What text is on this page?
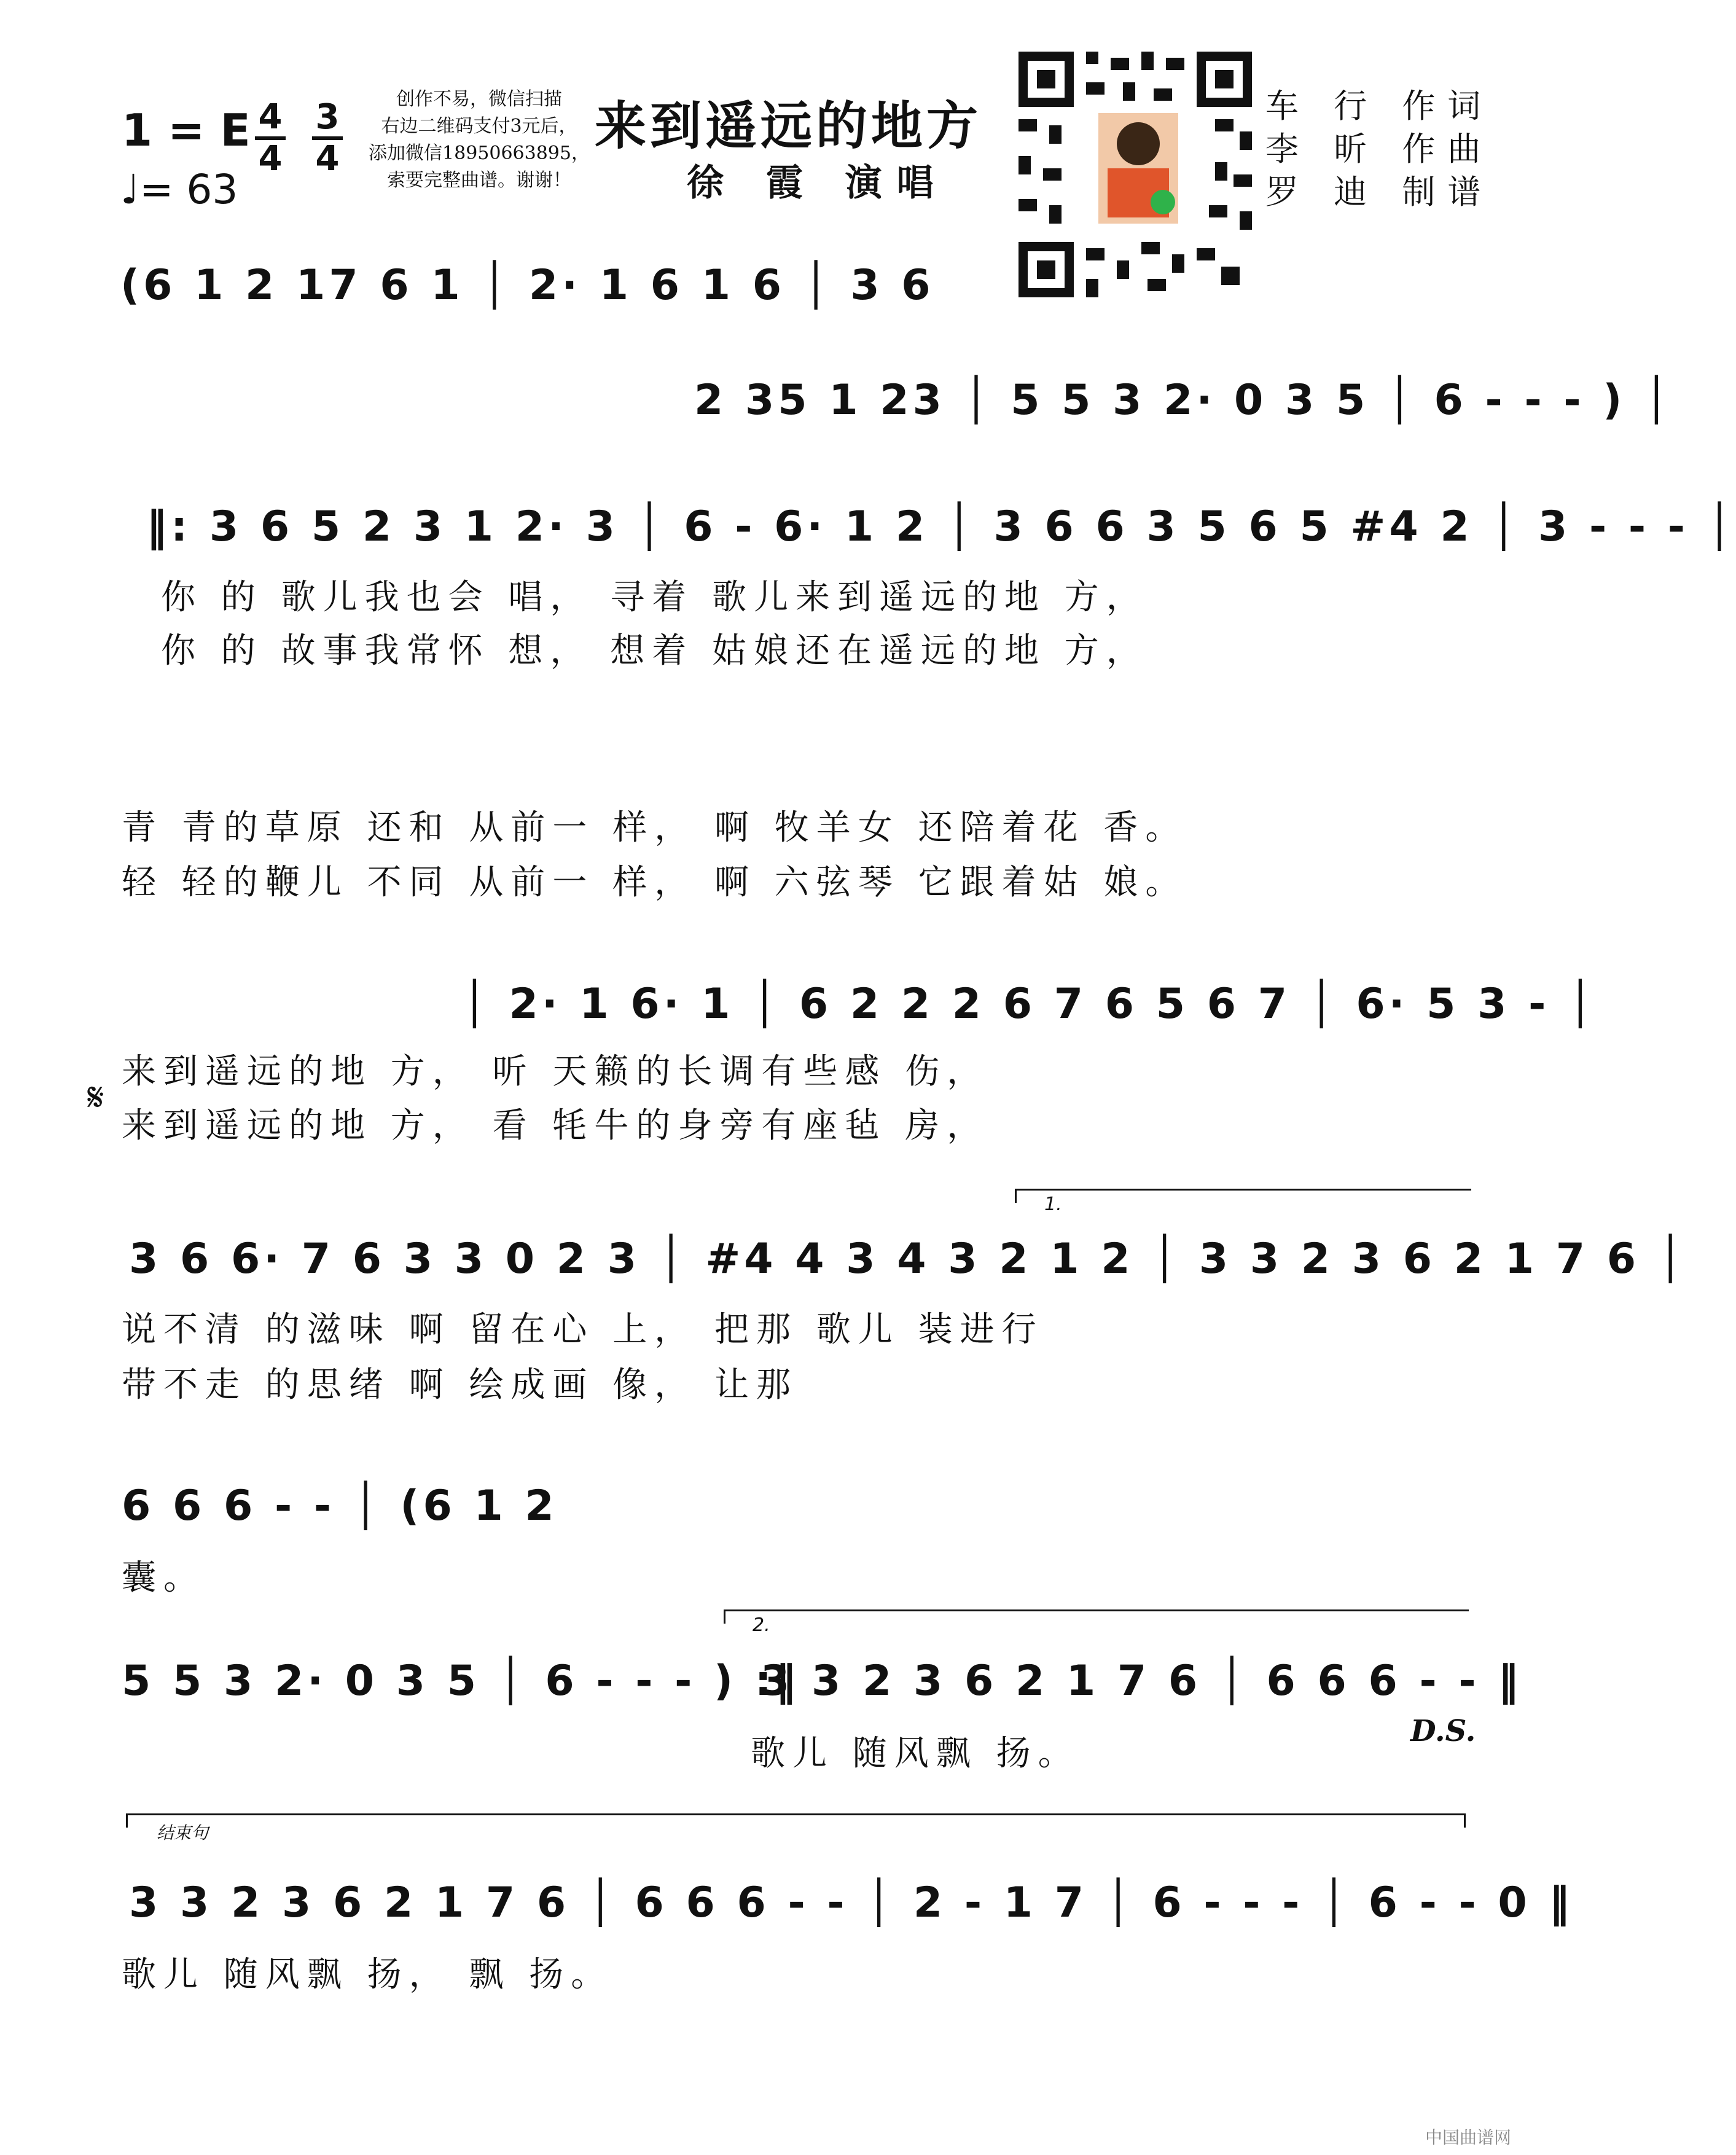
1 = E 4
4
3
4
♩= 63
创作不易，微信扫描
右边二维码支付3元后，
添加微信18950663895，
索要完整曲谱。谢谢！
来到遥远的地方
徐 霞 演唱
车 行 作词
李 昕 作曲
罗 迪 制谱
(6 1 2 17 6 1 │ 2· 1 6 1 6 │ 3 6
2 35 1 23 │ 5 5 3 2· 0 3 5 │ 6 - - - ) │
‖: 3 6 5 2 3 1 2· 3 │ 6 - 6· 1 2 │ 3 6 6 3 5 6 5 #4 2 │ 3 - - - │
你 的 歌儿我也会 唱， 寻着 歌儿来到遥远的地 方，
你 的 故事我常怀 想， 想着 姑娘还在遥远的地 方，
青 青的草原 还和 从前一 样， 啊 牧羊女 还陪着花 香。
轻 轻的鞭儿 不同 从前一 样， 啊 六弦琴 它跟着姑 娘。
│ 2· 1 6· 1 │ 6 2 2 2 6 7 6 5 6 7 │ 6· 5 3 - │
𝄋
来到遥远的地 方， 听 天籁的长调有些感 伤，
来到遥远的地 方， 看 牦牛的身旁有座毡 房，
1.
3 6 6· 7 6 3 3 0 2 3 │ #4 4 3 4 3 2 1 2 │ 3 3 2 3 6 2 1 7 6 │
说不清 的滋味 啊 留在心 上， 把那 歌儿 装进行
带不走 的思绪 啊 绘成画 像， 让那
6 6 6 - - │ (6 1 2
囊。
2.
5 5 3 2· 0 3 5 │ 6 - - - ) :‖
3 3 2 3 6 2 1 7 6 │ 6 6 6 - - ‖
歌儿 随风飘 扬。
D.S.
结束句
3 3 2 3 6 2 1 7 6 │ 6 6 6 - - │ 2 - 1 7 │ 6 - - - │ 6 - - 0 ‖
歌儿 随风飘 扬， 飘 扬。
中国曲谱网
